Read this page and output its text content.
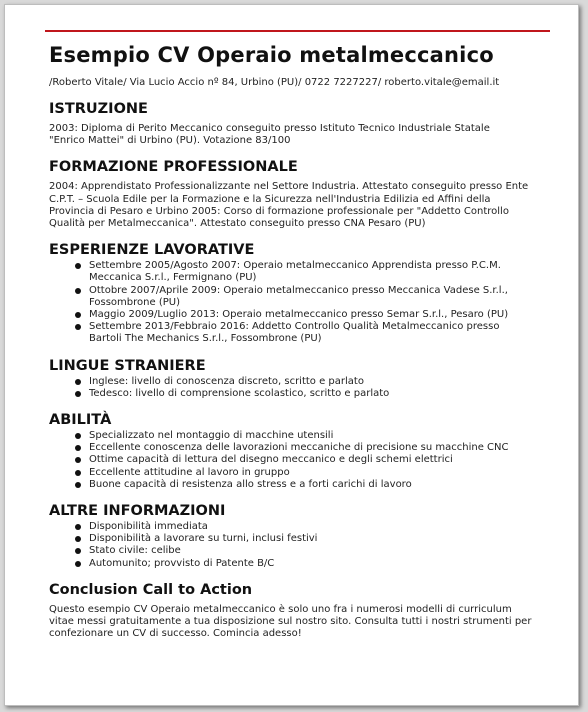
Esempio CV Operaio metalmeccanico
/Roberto Vitale/ Via Lucio Accio nº 84, Urbino (PU)/ 0722 7227227/ roberto.vitale@email.it
ISTRUZIONE

2003: Diploma di Perito Meccanico conseguito presso Istituto Tecnico Industriale Statale

"Enrico Mattei" di Urbino (PU). Votazione 83/100

FORMAZIONE PROFESSIONALE

2004: Apprendistato Professionalizzante nel Settore Industria. Attestato conseguito presso Ente

C.P.T. – Scuola Edile per la Formazione e la Sicurezza nell'Industria Edilizia ed Affini della

Provincia di Pesaro e Urbino 2005: Corso di formazione professionale per "Addetto Controllo

Qualità per Metalmeccanica". Attestato conseguito presso CNA Pesaro (PU)

ESPERIENZE LAVORATIVE
Settembre 2005/Agosto 2007: Operaio metalmeccanico Apprendista presso P.C.M.
Meccanica S.r.l., Fermignano (PU)
Ottobre 2007/Aprile 2009: Operaio metalmeccanico presso Meccanica Vadese S.r.l.,
Fossombrone (PU)
Maggio 2009/Luglio 2013: Operaio metalmeccanico presso Semar S.r.l., Pesaro (PU)
Settembre 2013/Febbraio 2016: Addetto Controllo Qualità Metalmeccanico presso
Bartoli The Mechanics S.r.l., Fossombrone (PU)
LINGUE STRANIERE
Inglese: livello di conoscenza discreto, scritto e parlato
Tedesco: livello di comprensione scolastico, scritto e parlato
ABILITÀ
Specializzato nel montaggio di macchine utensili
Eccellente conoscenza delle lavorazioni meccaniche di precisione su macchine CNC
Ottime capacità di lettura del disegno meccanico e degli schemi elettrici
Eccellente attitudine al lavoro in gruppo
Buone capacità di resistenza allo stress e a forti carichi di lavoro
ALTRE INFORMAZIONI
Disponibilità immediata
Disponibilità a lavorare su turni, inclusi festivi
Stato civile: celibe
Automunito; provvisto di Patente B/C
Conclusion Call to Action

Questo esempio CV Operaio metalmeccanico è solo uno fra i numerosi modelli di curriculum

vitae messi gratuitamente a tua disposizione sul nostro sito. Consulta tutti i nostri strumenti per

confezionare un CV di successo. Comincia adesso!
